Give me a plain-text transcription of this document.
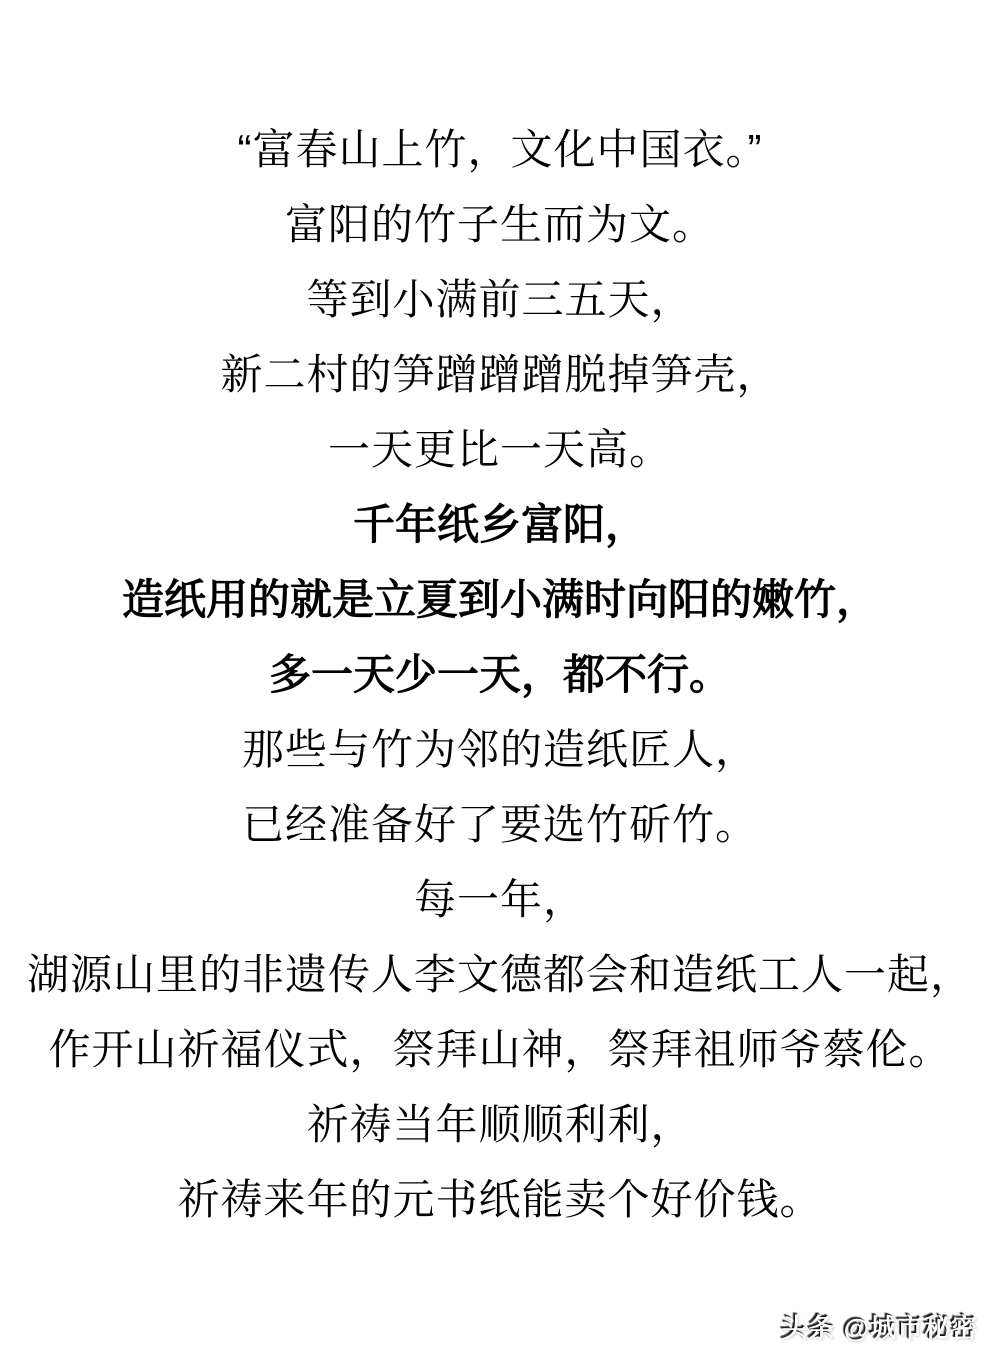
“富春山上竹，文化中国衣。”
富阳的竹子生而为文。
等到小满前三五天，
新二村的笋蹭蹭蹭脱掉笋壳，
一天更比一天高。
千年纸乡富阳，
造纸用的就是立夏到小满时向阳的嫩竹，
多一天少一天，都不行。
那些与竹为邻的造纸匠人，
已经准备好了要选竹斫竹。
每一年，
湖源山里的非遗传人李文德都会和造纸工人一起，
作开山祈福仪式，祭拜山神，祭拜祖师爷蔡伦。
祈祷当年顺顺利利，
祈祷来年的元书纸能卖个好价钱。
头条 @城市秘密
